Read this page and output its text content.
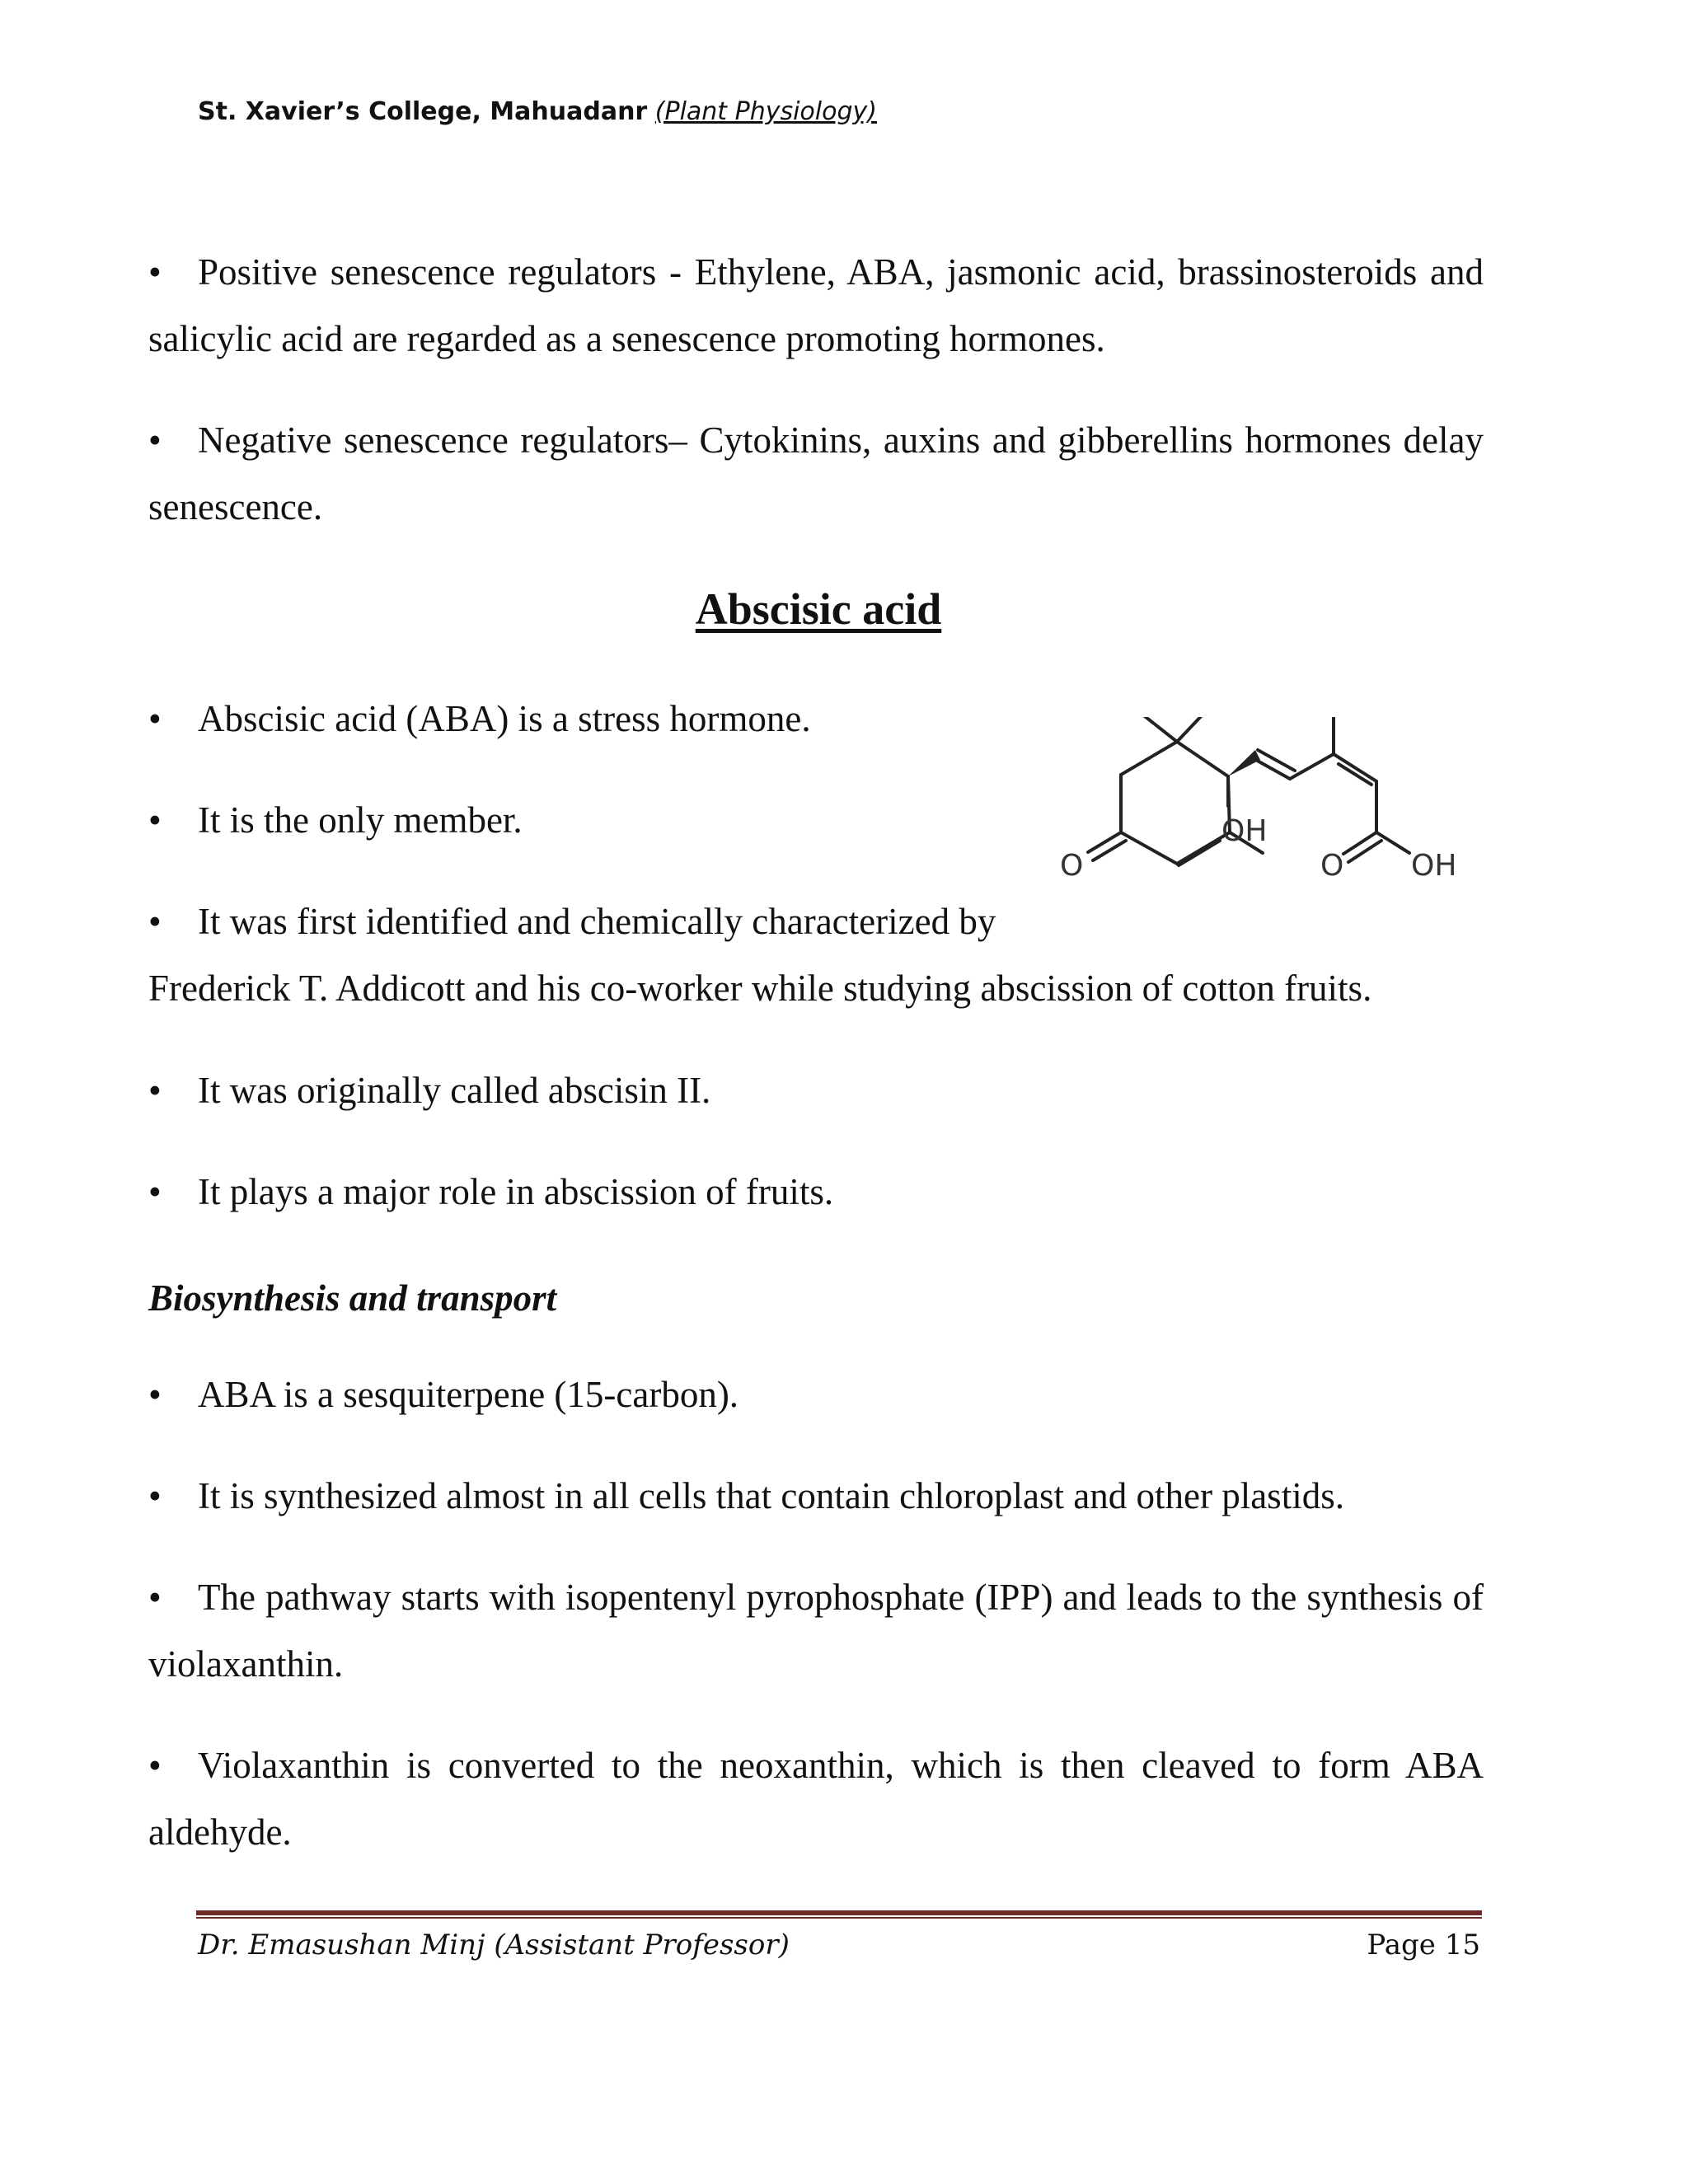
St. Xavier’s College, Mahuadanr (Plant Physiology)

• Positive senescence regulators - Ethylene, ABA, jasmonic acid, brassinosteroids and salicylic acid are regarded as a senescence promoting hormones.

• Negative senescence regulators– Cytokinins, auxins and gibberellins hormones delay senescence.

Abscisic acid

• Abscisic acid (ABA) is a stress hormone.

• It is the only member.

• It was first identified and chemically characterized by
Frederick T. Addicott and his co-worker while studying abscission of cotton fruits.

• It was originally called abscisin II.

• It plays a major role in abscission of fruits.

Biosynthesis and transport

• ABA is a sesquiterpene (15-carbon).

• It is synthesized almost in all cells that contain chloroplast and other plastids.

• The pathway starts with isopentenyl pyrophosphate (IPP) and leads to the synthesis of violaxanthin.

• Violaxanthin is converted to the neoxanthin, which is then cleaved to form ABA aldehyde.

OH
O	O OH
Dr. Emasushan Minj (Assistant Professor)	Page 15
